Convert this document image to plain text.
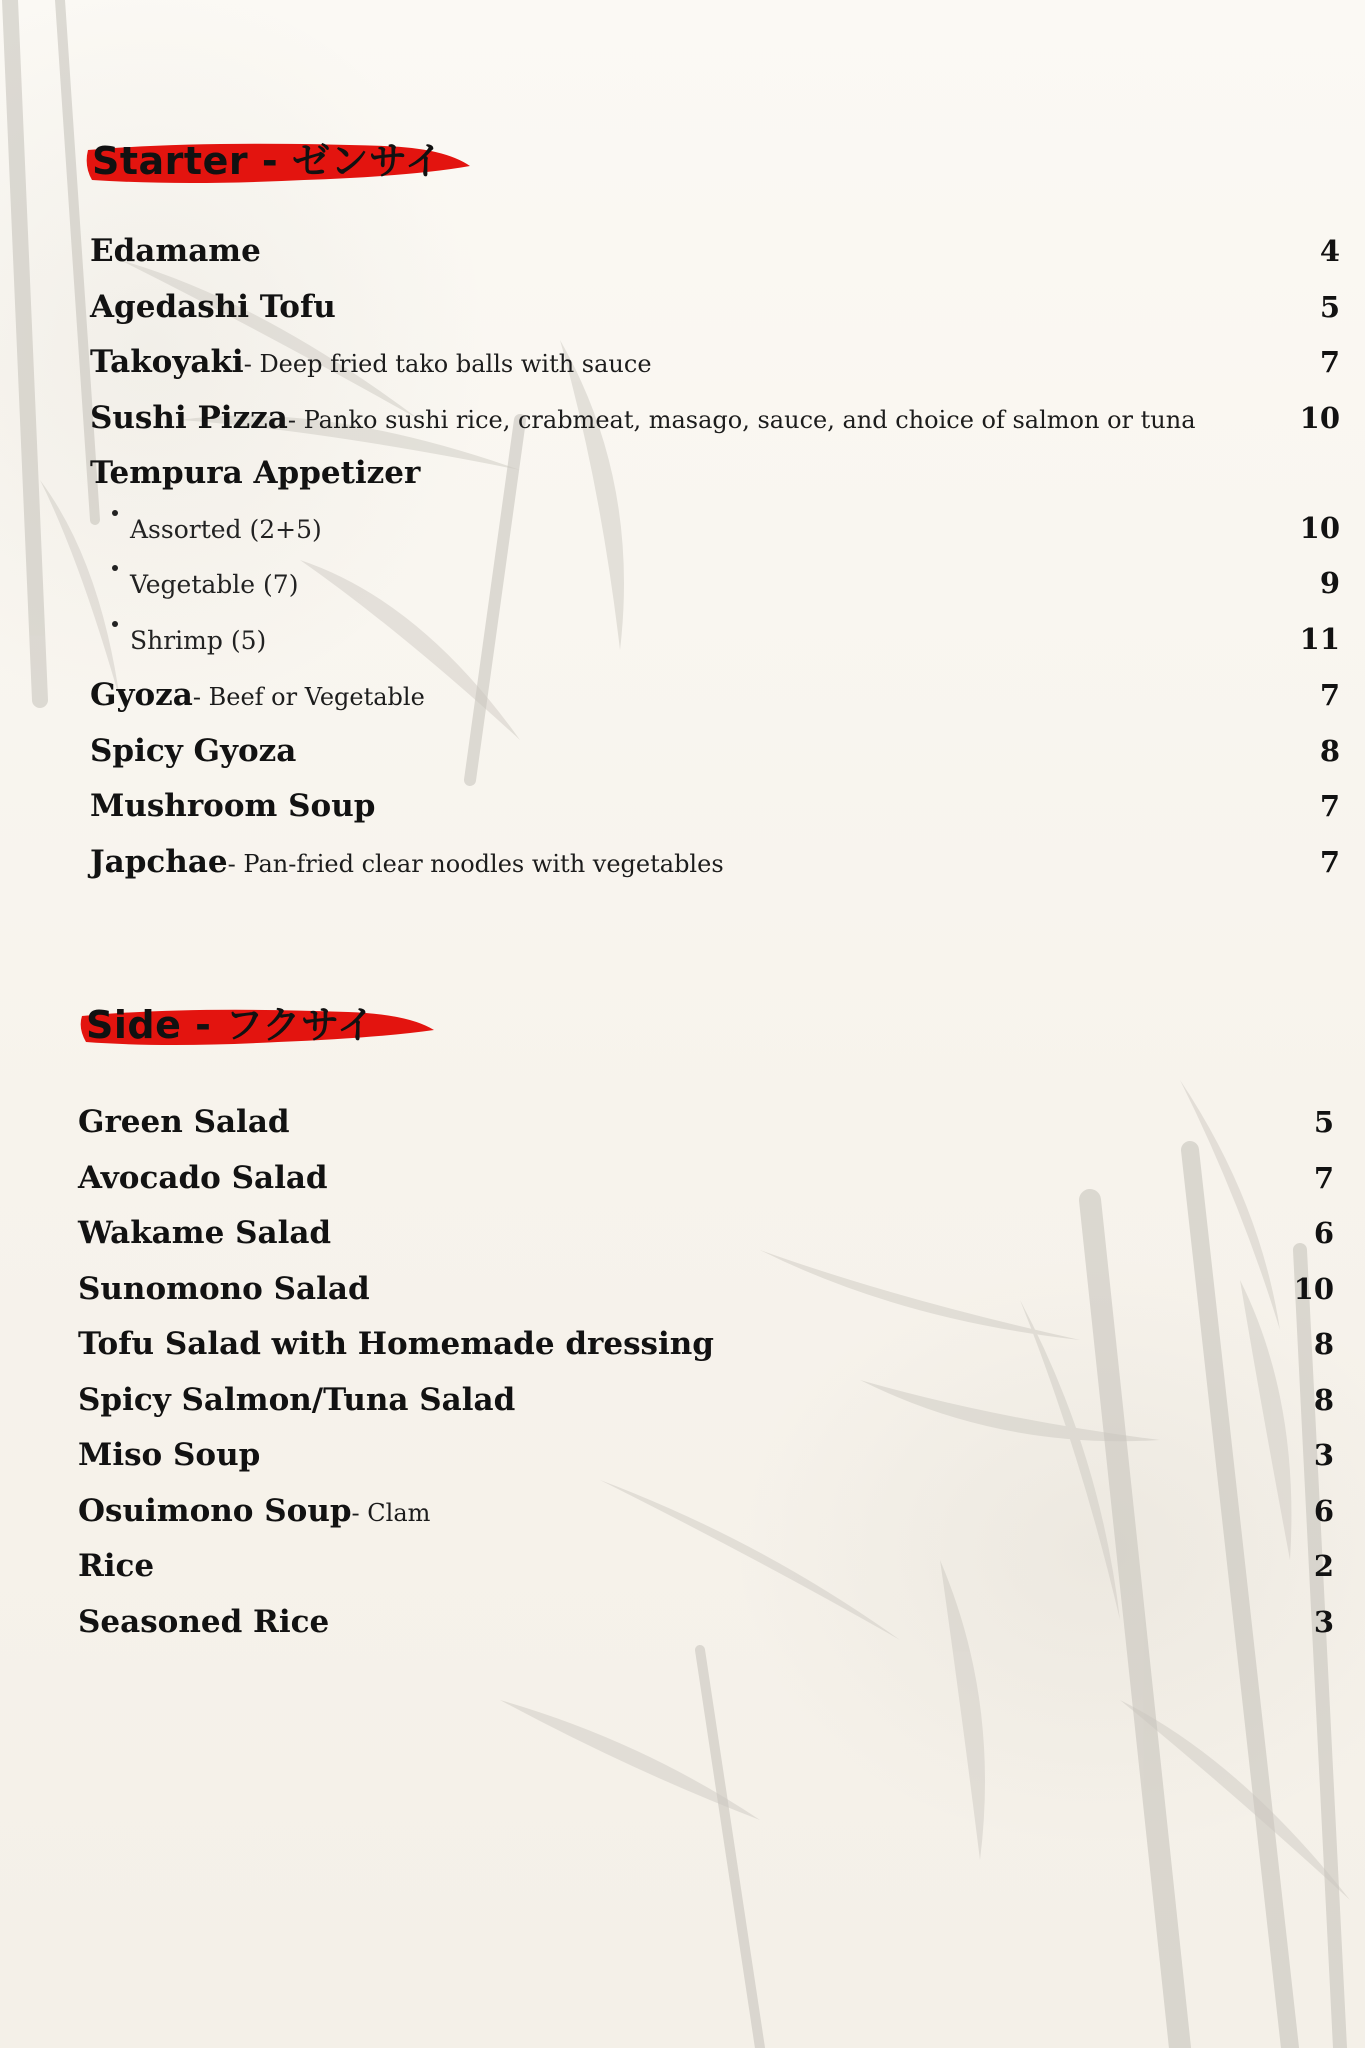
Starter - ゼンサイ
Edamame	4
Agedashi Tofu	5
Takoyaki - Deep fried tako balls with sauce	7
Sushi Pizza - Panko sushi rice, crabmeat, masago, sauce, and choice of salmon or tuna	10
Tempura Appetizer
Assorted (2+5)	10
Vegetable (7)	9
Shrimp (5)	11
Gyoza - Beef or Vegetable	7
Spicy Gyoza	8
Mushroom Soup	7
Japchae - Pan-fried clear noodles with vegetables	7
Side - フクサイ
Green Salad	5
Avocado Salad	7
Wakame Salad	6
Sunomono Salad	10
Tofu Salad with Homemade dressing	8
Spicy Salmon/Tuna Salad	8
Miso Soup	3
Osuimono Soup - Clam	6
Rice	2
Seasoned Rice	3
